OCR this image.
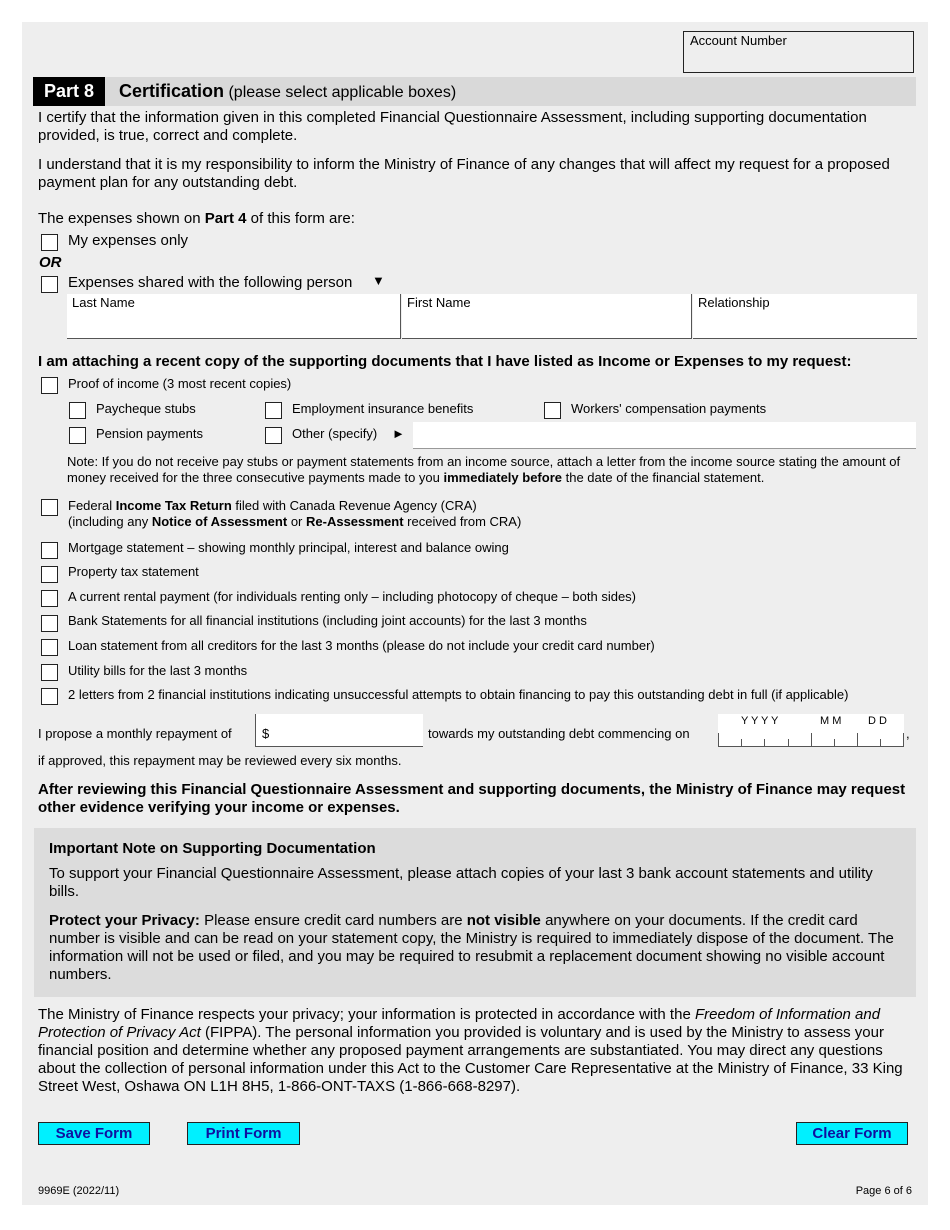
Account Number
Part 8	Certification (please select applicable boxes)
I certify that the information given in this completed Financial Questionnaire Assessment, including supporting documentation provided, is true, correct and complete.
I understand that it is my responsibility to inform the Ministry of Finance of any changes that will affect my request for a proposed payment plan for any outstanding debt.
The expenses shown on Part 4 of this form are:
My expenses only
OR
Expenses shared with the following person ▼
Last Name	First Name	Relationship
I am attaching a recent copy of the supporting documents that I have listed as Income or Expenses to my request:
Proof of income (3 most recent copies)
Paycheque stubs	Employment insurance benefits	Workers' compensation payments
Pension payments	Other (specify) ►
Note: If you do not receive pay stubs or payment statements from an income source, attach a letter from the income source stating the amount of money received for the three consecutive payments made to you immediately before the date of the financial statement.
Federal Income Tax Return filed with Canada Revenue Agency (CRA)
(including any Notice of Assessment or Re-Assessment received from CRA)
Mortgage statement – showing monthly principal, interest and balance owing
Property tax statement
A current rental payment (for individuals renting only – including photocopy of cheque – both sides)
Bank Statements for all financial institutions (including joint accounts) for the last 3 months
Loan statement from all creditors for the last 3 months (please do not include your credit card number)
Utility bills for the last 3 months
2 letters from 2 financial institutions indicating unsuccessful attempts to obtain financing to pay this outstanding debt in full (if applicable)
I propose a monthly repayment of $	towards my outstanding debt commencing on
Y Y Y Y	M M D D
,
if approved, this repayment may be reviewed every six months.
After reviewing this Financial Questionnaire Assessment and supporting documents, the Ministry of Finance may request other evidence verifying your income or expenses.
Important Note on Supporting Documentation
To support your Financial Questionnaire Assessment, please attach copies of your last 3 bank account statements and utility bills.
Protect your Privacy: Please ensure credit card numbers are not visible anywhere on your documents. If the credit card number is visible and can be read on your statement copy, the Ministry is required to immediately dispose of the document. The information will not be used or filed, and you may be required to resubmit a replacement document showing no visible account numbers.
The Ministry of Finance respects your privacy; your information is protected in accordance with the Freedom of Information and Protection of Privacy Act (FIPPA). The personal information you provided is voluntary and is used by the Ministry to assess your financial position and determine whether any proposed payment arrangements are substantiated. You may direct any questions about the collection of personal information under this Act to the Customer Care Representative at the Ministry of Finance, 33 King Street West, Oshawa ON L1H 8H5, 1-866-ONT-TAXS (1-866-668-8297).
Save Form	Print Form	Clear Form
9969E (2022/11)	Page 6 of 6
